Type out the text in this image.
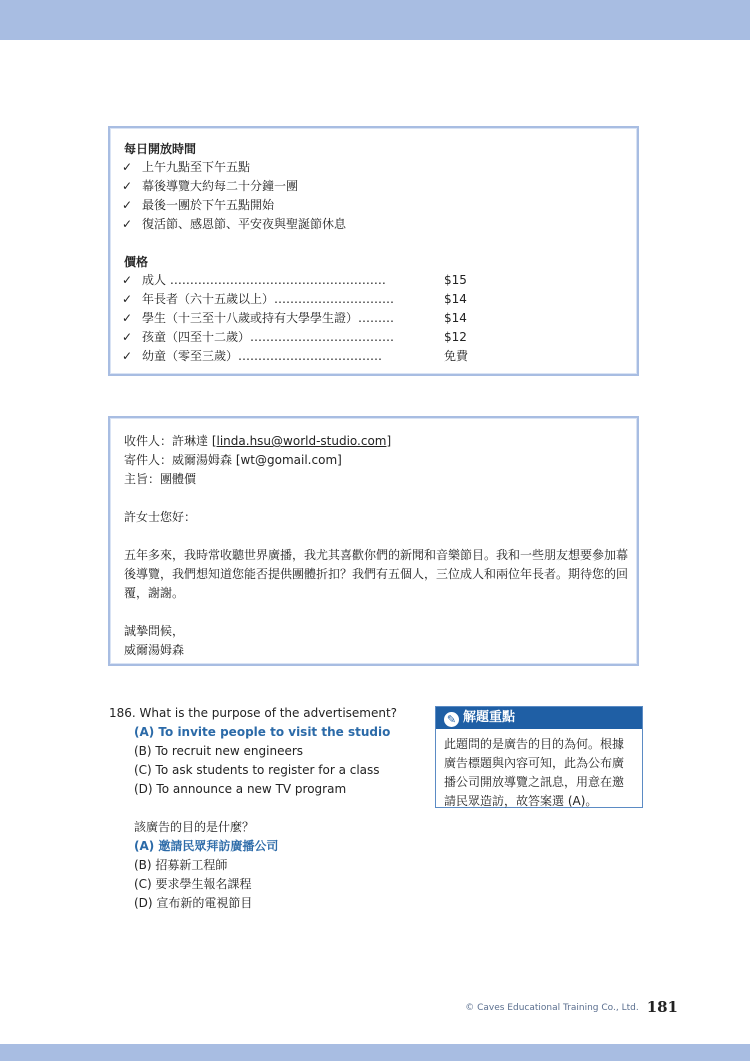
每日開放時間
✓ 上午九點至下午五點
✓ 幕後導覽大約每二十分鐘一團
✓ 最後一團於下午五點開始
✓ 復活節、感恩節、平安夜與聖誕節休息
價格
✓ 成人 ………………………………………………	$15
✓ 年長者（六十五歲以上）…………………………	$14
✓ 學生（十三至十八歲或持有大學學生證）………	$14
✓ 孩童（四至十二歲）………………………………	$12
✓ 幼童（零至三歲）………………………………	免費

收件人：許琳達 [linda.hsu@world-studio.com]

寄件人：威爾湯姆森 [wt@gomail.com]

主旨：團體價

許女士您好：

五年多來，我時常收聽世界廣播，我尤其喜歡你們的新聞和音樂節目。我和一些朋友想要參加幕後導覽，我們想知道您能否提供團體折扣？我們有五個人，三位成人和兩位年長者。期待您的回覆，謝謝。

誠摯問候，

威爾湯姆森

186. What is the purpose of the advertisement?

(A) To invite people to visit the studio

(B) To recruit new engineers

(C) To ask students to register for a class

(D) To announce a new TV program

該廣告的目的是什麼？

(A) 邀請民眾拜訪廣播公司

(B) 招募新工程師

(C) 要求學生報名課程

(D) 宣布新的電視節目

✎ 解題重點
此題問的是廣告的目的為何。根據廣告標題與內容可知，此為公布廣播公司開放導覽之訊息，用意在邀請民眾造訪，故答案選 (A)。
© Caves Educational Training Co., Ltd. 181
